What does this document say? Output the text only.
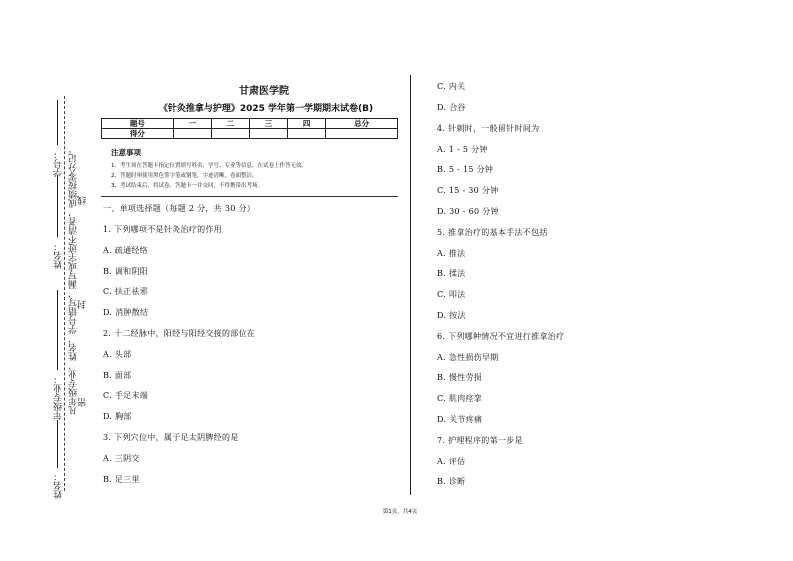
学号：
姓名：
年级专业：
姓名：
凡年级专业、姓名、学号错写、漏写或字迹不清者，成绩按零分记。 线
封
密
甘肃医学院
《针灸推拿与护理》2025 学年第一学期期末试卷(B)
题号	一	二	三	四	总分
得分					
注意事项
1、考生须在答题卡指定位置填写姓名、学号、专业等信息，在试卷上作答无效。
2、答题时须使用黑色签字笔或钢笔，字迹清晰，卷面整洁。
3、考试结束后，将试卷、答题卡一并交回，不得携带出考场。
一、单项选择题（每题 2 分，共 30 分）
1. 下列哪项不是针灸治疗的作用
A. 疏通经络
B. 调和阴阳
C. 扶正祛邪
D. 消肿散结
2. 十二经脉中，阳经与阳经交接的部位在
A. 头部
B. 面部
C. 手足末端
D. 胸部
3. 下列穴位中，属于足太阴脾经的是
A. 三阴交
B. 足三里
C. 内关
D. 合谷
4. 针刺时，一般留针时间为
A. 1 - 5 分钟
B. 5 - 15 分钟
C. 15 - 30 分钟
D. 30 - 60 分钟
5. 推拿治疗的基本手法不包括
A. 推法
B. 揉法
C. 叩法
D. 按法
6. 下列哪种情况不宜进行推拿治疗
A. 急性损伤早期
B. 慢性劳损
C. 肌肉痉挛
D. 关节疼痛
7. 护理程序的第一步是
A. 评估
B. 诊断
第1页，共4页
